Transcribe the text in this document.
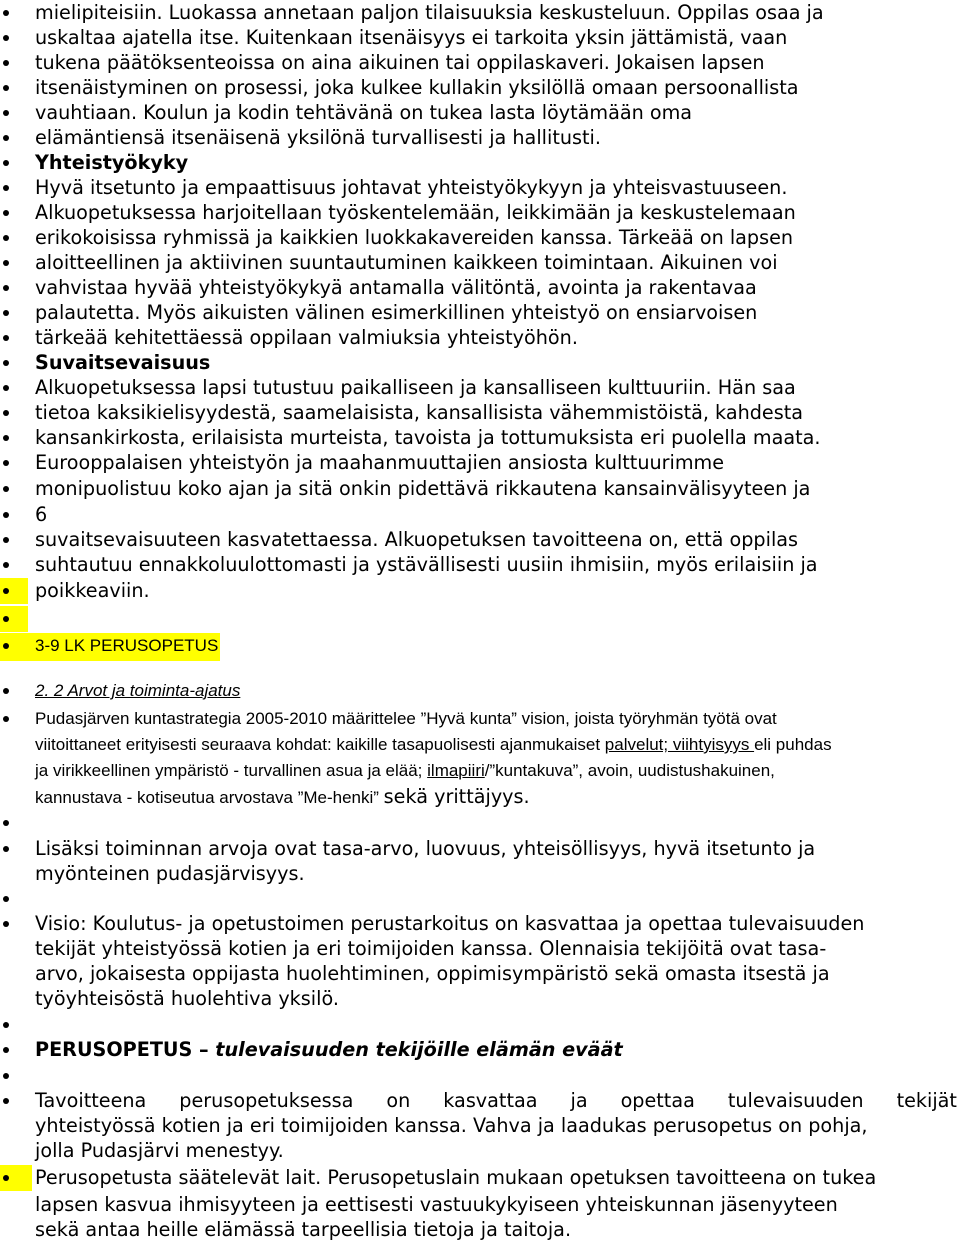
mielipiteisiin. Luokassa annetaan paljon tilaisuuksia keskusteluun. Oppilas osaa ja
uskaltaa ajatella itse. Kuitenkaan itsenäisyys ei tarkoita yksin jättämistä, vaan
tukena päätöksenteoissa on aina aikuinen tai oppilaskaveri. Jokaisen lapsen
itsenäistyminen on prosessi, joka kulkee kullakin yksilöllä omaan persoonallista
vauhtiaan. Koulun ja kodin tehtävänä on tukea lasta löytämään oma
elämäntiensä itsenäisenä yksilönä turvallisesti ja hallitusti.
Yhteistyökyky
Hyvä itsetunto ja empaattisuus johtavat yhteistyökykyyn ja yhteisvastuuseen.
Alkuopetuksessa harjoitellaan työskentelemään, leikkimään ja keskustelemaan
erikokoisissa ryhmissä ja kaikkien luokkakavereiden kanssa. Tärkeää on lapsen
aloitteellinen ja aktiivinen suuntautuminen kaikkeen toimintaan. Aikuinen voi
vahvistaa hyvää yhteistyökykyä antamalla välitöntä, avointa ja rakentavaa
palautetta. Myös aikuisten välinen esimerkillinen yhteistyö on ensiarvoisen
tärkeää kehitettäessä oppilaan valmiuksia yhteistyöhön.
Suvaitsevaisuus
Alkuopetuksessa lapsi tutustuu paikalliseen ja kansalliseen kulttuuriin. Hän saa
tietoa kaksikielisyydestä, saamelaisista, kansallisista vähemmistöistä, kahdesta
kansankirkosta, erilaisista murteista, tavoista ja tottumuksista eri puolella maata.
Eurooppalaisen yhteistyön ja maahanmuuttajien ansiosta kulttuurimme
monipuolistuu koko ajan ja sitä onkin pidettävä rikkautena kansainvälisyyteen ja
6
suvaitsevaisuuteen kasvatettaessa. Alkuopetuksen tavoitteena on, että oppilas
suhtautuu ennakkoluulottomasti ja ystävällisesti uusiin ihmisiin, myös erilaisiin ja
poikkeaviin.
3-9 LK PERUSOPETUS
2. 2 Arvot ja toiminta-ajatus
Pudasjärven kuntastrategia 2005-2010 määrittelee ”Hyvä kunta” vision, joista työryhmän työtä ovat
viitoittaneet erityisesti seuraava kohdat: kaikille tasapuolisesti ajanmukaiset palvelut; viihtyisyys eli puhdas
ja virikkeellinen ympäristö - turvallinen asua ja elää; ilmapiiri/”kuntakuva”, avoin, uudistushakuinen,
kannustava - kotiseutua arvostava ”Me-henki” sekä yrittäjyys.
Lisäksi toiminnan arvoja ovat tasa-arvo, luovuus, yhteisöllisyys, hyvä itsetunto ja
myönteinen pudasjärvisyys.
Visio: Koulutus- ja opetustoimen perustarkoitus on kasvattaa ja opettaa tulevaisuuden
tekijät yhteistyössä kotien ja eri toimijoiden kanssa. Olennaisia tekijöitä ovat tasa-
arvo, jokaisesta oppijasta huolehtiminen, oppimisympäristö sekä omasta itsestä ja
työyhteisöstä huolehtiva yksilö.
PERUSOPETUS – tulevaisuuden tekijöille elämän eväät
Tavoitteena perusopetuksessa on kasvattaa ja opettaa tulevaisuuden tekijät
yhteistyössä kotien ja eri toimijoiden kanssa. Vahva ja laadukas perusopetus on pohja,
jolla Pudasjärvi menestyy.
Perusopetusta säätelevät lait. Perusopetuslain mukaan opetuksen tavoitteena on tukea
lapsen kasvua ihmisyyteen ja eettisesti vastuukykyiseen yhteiskunnan jäsenyyteen
sekä antaa heille elämässä tarpeellisia tietoja ja taitoja.
